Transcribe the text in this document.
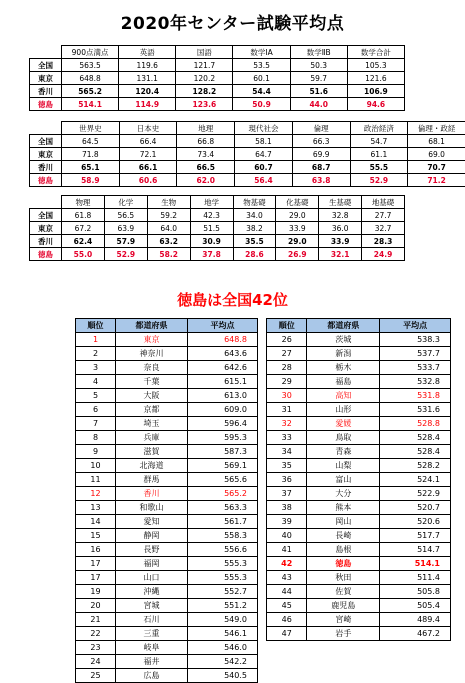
2020年センター試験平均点
	900点満点	英語	国語	数学ⅠA	数学ⅡB	数学合計
全国	563.5	119.6	121.7	53.5	50.3	105.3
東京	648.8	131.1	120.2	60.1	59.7	121.6
香川	565.2	120.4	128.2	54.4	51.6	106.9
徳島	514.1	114.9	123.6	50.9	44.0	94.6
	世界史	日本史	地理	現代社会	倫理	政治経済	倫理・政経
全国	64.5	66.4	66.8	58.1	66.3	54.7	68.1
東京	71.8	72.1	73.4	64.7	69.9	61.1	69.0
香川	65.1	66.1	66.5	60.7	68.7	55.5	70.7
徳島	58.9	60.6	62.0	56.4	63.8	52.9	71.2
	物理	化学	生物	地学	物基礎	化基礎	生基礎	地基礎
全国	61.8	56.5	59.2	42.3	34.0	29.0	32.8	27.7
東京	67.2	63.9	64.0	51.5	38.2	33.9	36.0	32.7
香川	62.4	57.9	63.2	30.9	35.5	29.0	33.9	28.3
徳島	55.0	52.9	58.2	37.8	28.6	26.9	32.1	24.9
徳島は全国42位
順位	都道府県	平均点
1	東京	648.8
2	神奈川	643.6
3	奈良	642.6
4	千葉	615.1
5	大阪	613.0
6	京都	609.0
7	埼玉	596.4
8	兵庫	595.3
9	滋賀	587.3
10	北海道	569.1
11	群馬	565.6
12	香川	565.2
13	和歌山	563.3
14	愛知	561.7
15	静岡	558.3
16	長野	556.6
17	福岡	555.3
17	山口	555.3
19	沖縄	552.7
20	宮城	551.2
21	石川	549.0
22	三重	546.1
23	岐阜	546.0
24	福井	542.2
25	広島	540.5
順位	都道府県	平均点
26	茨城	538.3
27	新潟	537.7
28	栃木	533.7
29	福島	532.8
30	高知	531.8
31	山形	531.6
32	愛媛	528.8
33	鳥取	528.4
34	青森	528.4
35	山梨	528.2
36	富山	524.1
37	大分	522.9
38	熊本	520.7
39	岡山	520.6
40	長崎	517.7
41	島根	514.7
42	徳島	514.1
43	秋田	511.4
44	佐賀	505.8
45	鹿児島	505.4
46	宮崎	489.4
47	岩手	467.2
